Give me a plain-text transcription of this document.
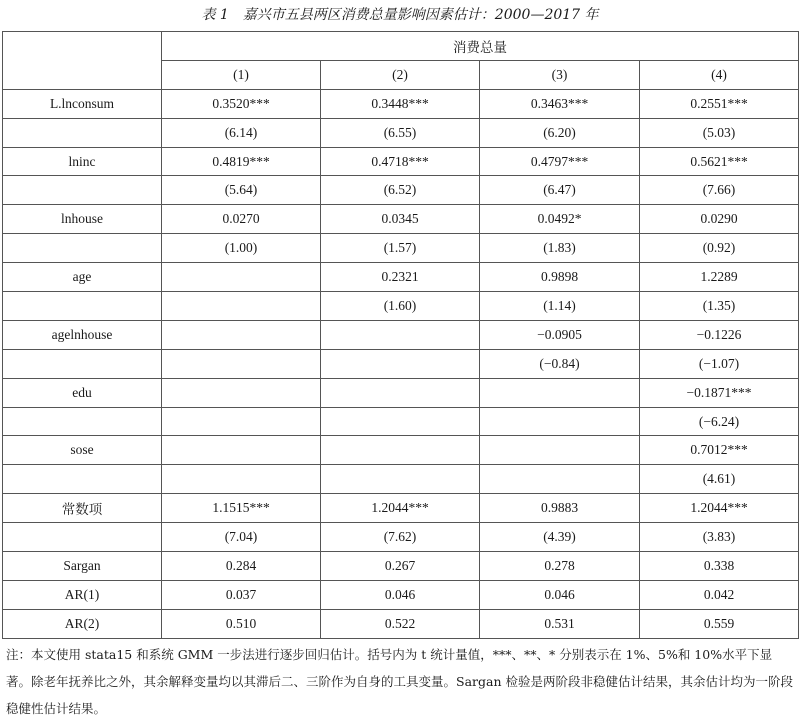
表 1　嘉兴市五县两区消费总量影响因素估计：2000—2017 年
	消费总量			
	(1)	(2)	(3)	(4)
L.lnconsum	0.3520***	0.3448***	0.3463***	0.2551***
	(6.14)	(6.55)	(6.20)	(5.03)
lninc	0.4819***	0.4718***	0.4797***	0.5621***
	(5.64)	(6.52)	(6.47)	(7.66)
lnhouse	0.0270	0.0345	0.0492*	0.0290
	(1.00)	(1.57)	(1.83)	(0.92)
age		0.2321	0.9898	1.2289
		(1.60)	(1.14)	(1.35)
agelnhouse			−0.0905	−0.1226
			(−0.84)	(−1.07)
edu				−0.1871***
				(−6.24)
sose				0.7012***
				(4.61)
常数项	1.1515***	1.2044***	0.9883	1.2044***
	(7.04)	(7.62)	(4.39)	(3.83)
Sargan	0.284	0.267	0.278	0.338
AR(1)	0.037	0.046	0.046	0.042
AR(2)	0.510	0.522	0.531	0.559
注：本文使用 stata15 和系统 GMM 一步法进行逐步回归估计。括号内为 t 统计量值，***、**、* 分别表示在 1%、5%和 10%水平下显著。除老年抚养比之外，其余解释变量均以其滞后二、三阶作为自身的工具变量。Sargan 检验是两阶段非稳健估计结果，其余估计均为一阶段稳健性估计结果。
